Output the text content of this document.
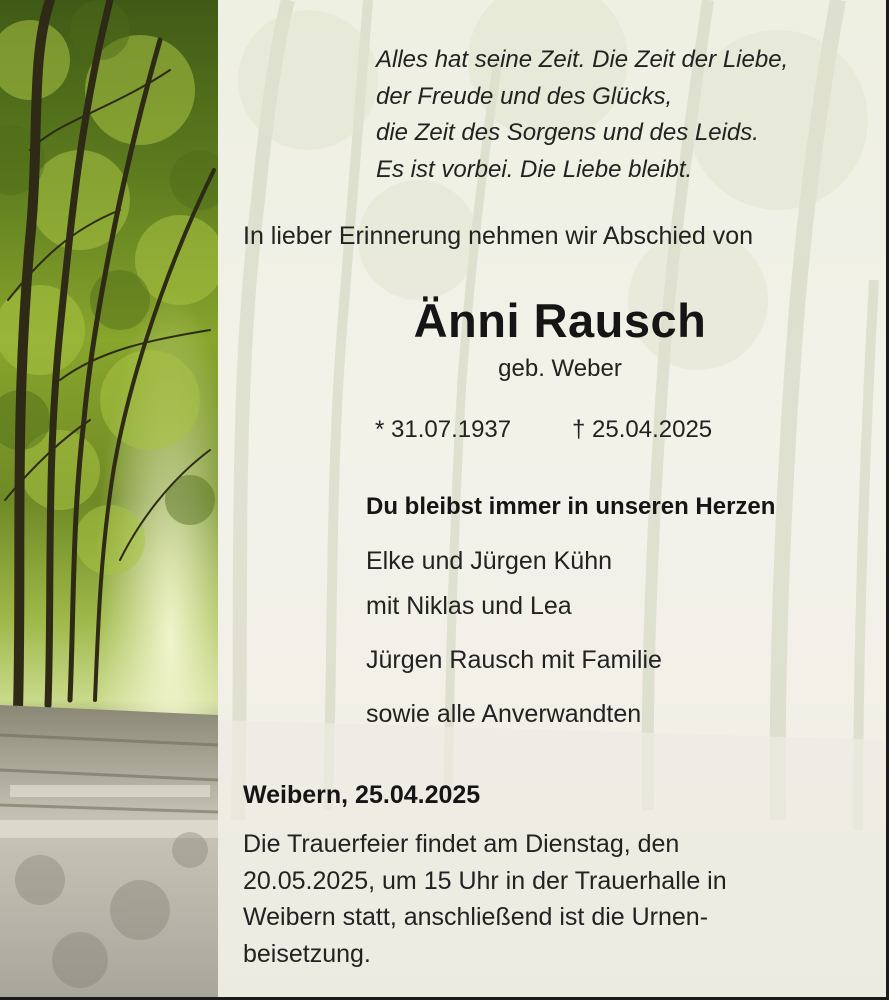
Alles hat seine Zeit. Die Zeit der Liebe,
der Freude und des Glücks,
die Zeit des Sorgens und des Leids.
Es ist vorbei. Die Liebe bleibt.
In lieber Erinnerung nehmen wir Abschied von
Änni Rausch
geb. Weber
* 31.07.1937	† 25.04.2025
Du bleibst immer in unseren Herzen
Elke und Jürgen Kühn
mit Niklas und Lea
Jürgen Rausch mit Familie
sowie alle Anverwandten
Weibern, 25.04.2025
Die Trauerfeier findet am Dienstag, den
20.05.2025, um 15 Uhr in der Trauerhalle in
Weibern statt, anschließend ist die Urnen-
beisetzung.
